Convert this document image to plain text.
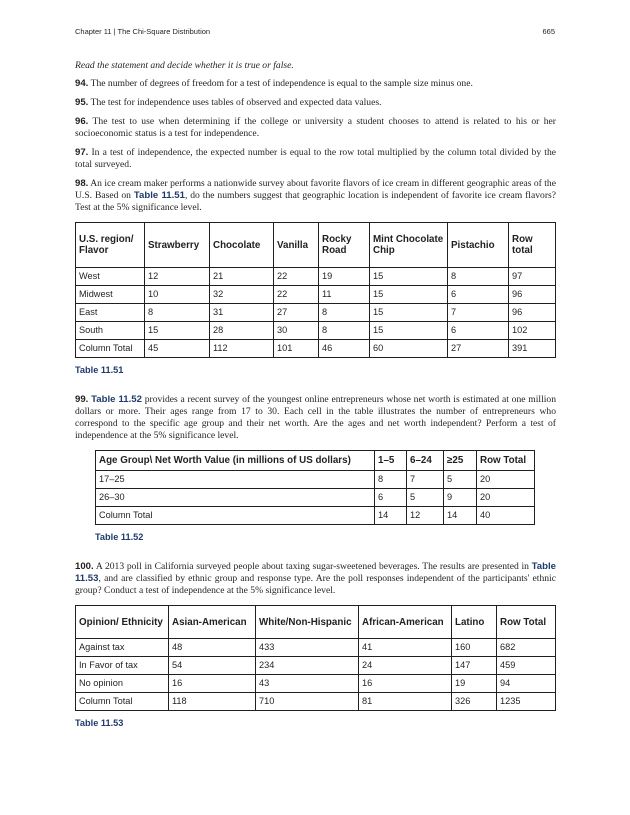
Chapter 11 | The Chi-Square Distribution	665

Read the statement and decide whether it is true or false.

94. The number of degrees of freedom for a test of independence is equal to the sample size minus one.

95. The test for independence uses tables of observed and expected data values.

96. The test to use when determining if the college or university a student chooses to attend is related to his or her socioeconomic status is a test for independence.

97. In a test of independence, the expected number is equal to the row total multiplied by the column total divided by the total surveyed.

98. An ice cream maker performs a nationwide survey about favorite flavors of ice cream in different geographic areas of the U.S. Based on Table 11.51, do the numbers suggest that geographic location is independent of favorite ice cream flavors? Test at the 5% significance level.

U.S. region/ Flavor	Strawberry	Chocolate	Vanilla	Rocky Road	Mint Chocolate Chip	Pistachio	Row total
West	12	21	22	19	15	8	97
Midwest	10	32	22	11	15	6	96
East	8	31	27	8	15	7	96
South	15	28	30	8	15	6	102
Column Total	45	112	101	46	60	27	391
Table 11.51

99. Table 11.52 provides a recent survey of the youngest online entrepreneurs whose net worth is estimated at one million dollars or more. Their ages range from 17 to 30. Each cell in the table illustrates the number of entrepreneurs who correspond to the specific age group and their net worth. Are the ages and net worth independent? Perform a test of independence at the 5% significance level.

Age Group\ Net Worth Value (in millions of US dollars)	1–5	6–24	≥25	Row Total
17–25	8	7	5	20
26–30	6	5	9	20
Column Total	14	12	14	40
Table 11.52

100. A 2013 poll in California surveyed people about taxing sugar-sweetened beverages. The results are presented in Table 11.53, and are classified by ethnic group and response type. Are the poll responses independent of the participants' ethnic group? Conduct a test of independence at the 5% significance level.

Opinion/ Ethnicity	Asian-American	White/Non-Hispanic	African-American	Latino	Row Total
Against tax	48	433	41	160	682
In Favor of tax	54	234	24	147	459
No opinion	16	43	16	19	94
Column Total	118	710	81	326	1235
Table 11.53
